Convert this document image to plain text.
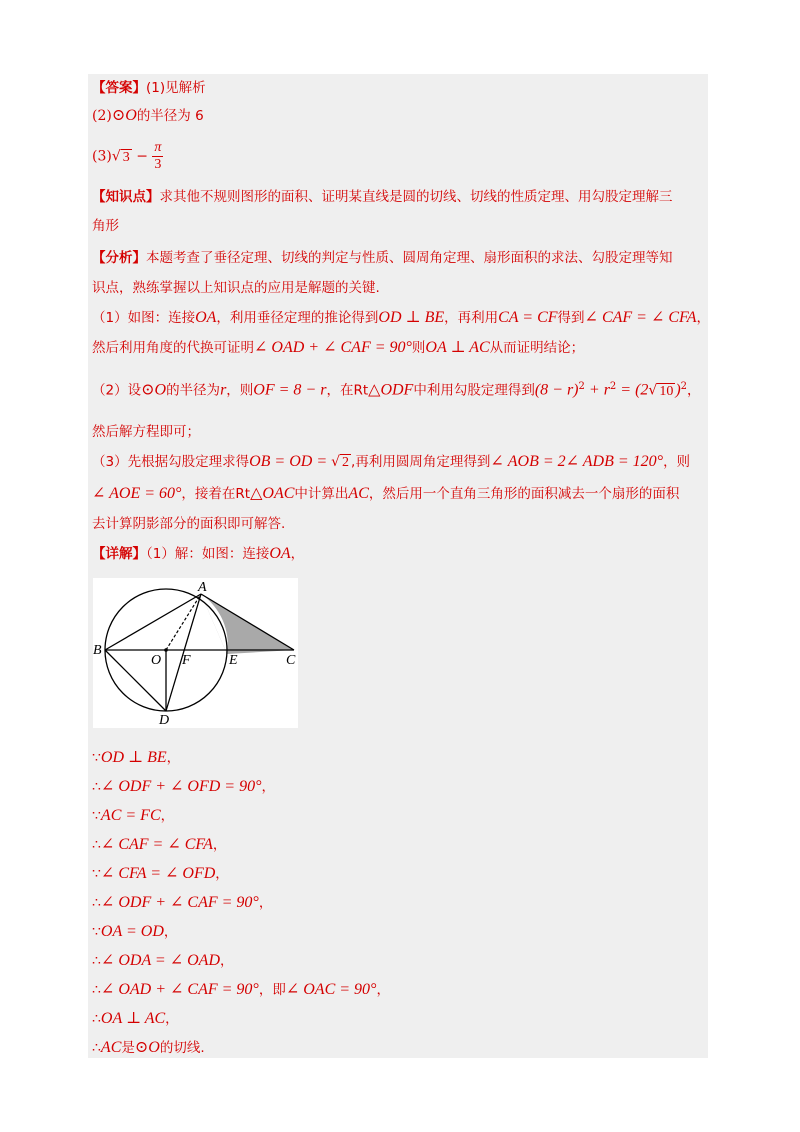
【答案】(1)见解析
(2)⊙O的半径为 6
(3)√ $3 - \frac{\pi}{3}$
【知识点】求其他不规则图形的面积、证明某直线是圆的切线、切线的性质定理、用勾股定理解三
角形
【分析】本题考查了垂径定理、切线的判定与性质、圆周角定理、扇形面积的求法、勾股定理等知
识点，熟练掌握以上知识点的应用是解题的关键.
（1）如图：连接OA，利用垂径定理的推论得到OD ⊥ BE，再利用CA = CF得到∠ CAF = ∠ CFA，
然后利用角度的代换可证明∠ OAD + ∠ CAF = 90°则OA ⊥ AC从而证明结论；
（2）设⊙O的半径为r，则OF = 8 − r，在Rt△ODF中利用勾股定理得到$(8 - r)^2 + r^2 = (2√$ 10 )$^2$，
然后解方程即可；
（3）先根据勾股定理求得OB = OD = √ 2 ,再利用圆周角定理得到∠ AOB = 2∠ ADB = 120°，则
∠ AOE = 60°，接着在Rt△OAC中计算出AC，然后用一个直角三角形的面积减去一个扇形的面积
去计算阴影部分的面积即可解答.
【详解】（1）解：如图：连接OA，
A
B
O F	E	C
D
∵OD ⊥ BE，
∴∠ ODF + ∠ OFD = 90°，
∵AC = FC，
∴∠ CAF = ∠ CFA，
∵∠ CFA = ∠ OFD，
∴∠ ODF + ∠ CAF = 90°，
∵OA = OD，
∴∠ ODA = ∠ OAD，
∴∠ OAD + ∠ CAF = 90°，即∠ OAC = 90°，
∴OA ⊥ AC，
∴AC是⊙O的切线.
